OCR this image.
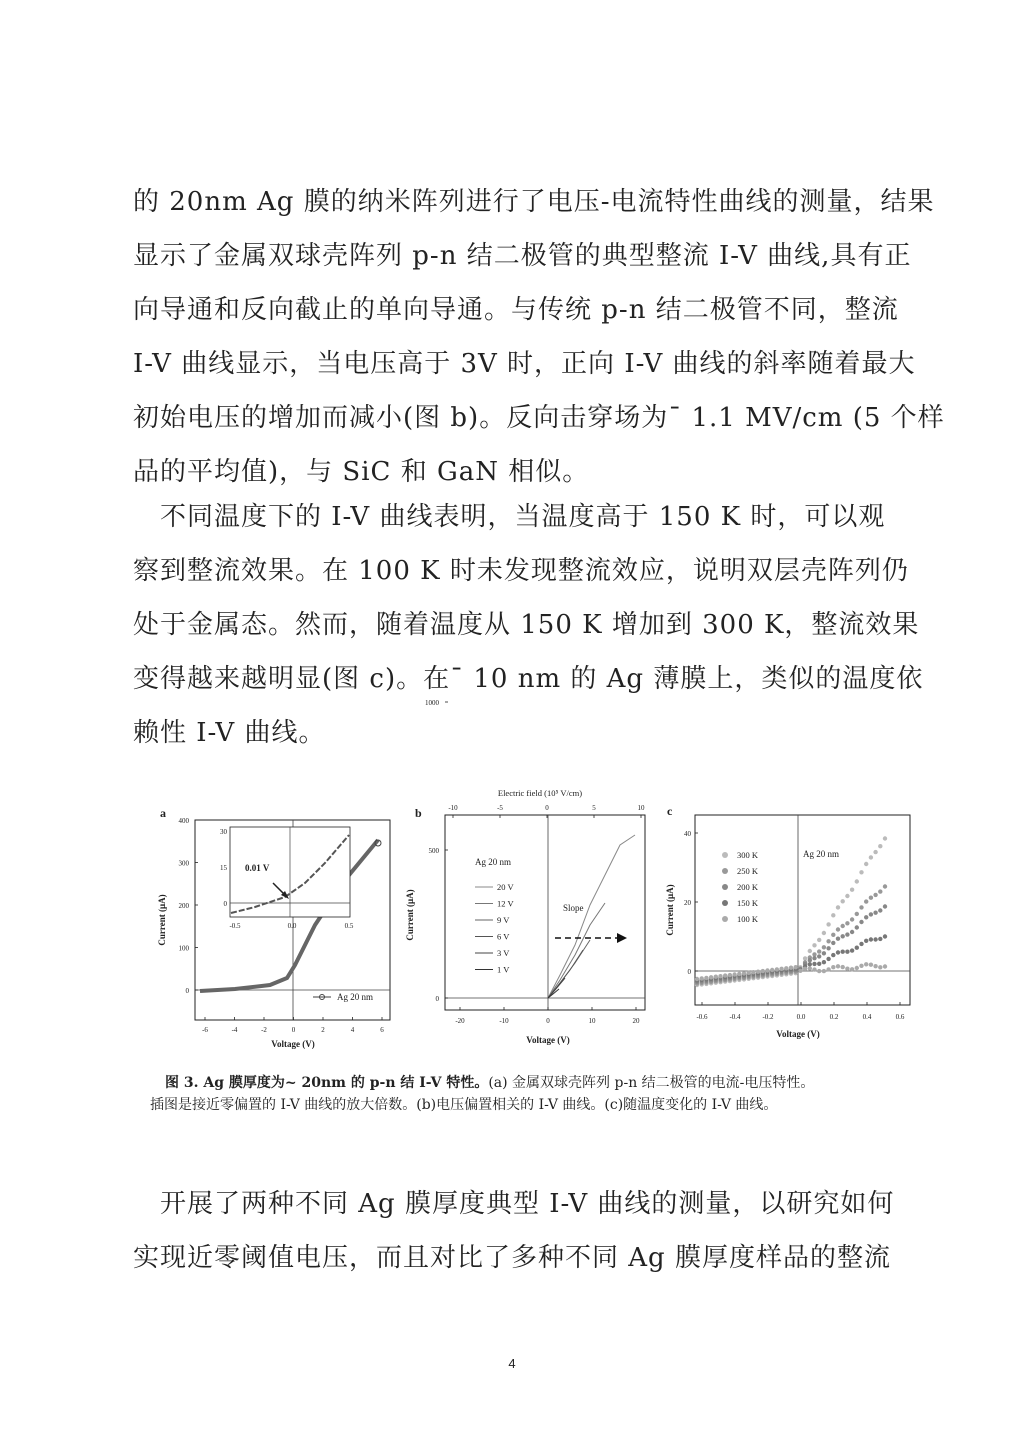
的 20nm Ag 膜的纳米阵列进行了电压-电流特性曲线的测量，结果
显示了金属双球壳阵列 p-n 结二极管的典型整流 I-V 曲线,具有正
向导通和反向截止的单向导通。与传统 p-n 结二极管不同，整流
I-V 曲线显示，当电压高于 3V 时，正向 I-V 曲线的斜率随着最大
初始电压的增加而减小(图 b)。反向击穿场为¯ 1.1 MV/cm (5 个样
品的平均值)，与 SiC 和 GaN 相似。
　不同温度下的 I-V 曲线表明，当温度高于 150 K 时，可以观
察到整流效果。在 100 K 时未发现整流效应，说明双层壳阵列仍
处于金属态。然而，随着温度从 150 K 增加到 300 K，整流效果
变得越来越明显(图 c)。在¯ 10 nm 的 Ag 薄膜上，类似的温度依
赖性 I-V 曲线。
a
0
100
200
300
400
-6	-4	-2	0	2	4	6
Current (μA)
Voltage (V)
Ag 20 nm
0.01 V
0
15
30
-0.5	0.0	0.5
b
Electric field (10⁵ V/cm)
-10	-5	0	5	10
0
500
1000
-20	-10	0	10	20
Current (μA)
Voltage (V)
Ag 20 nm
20 V
12 V
9 V
6 V
3 V
1 V
Slope
c
0
20
40
-0.6	-0.4	-0.2	0.0	0.2	0.4	0.6
Current (μA)
Voltage (V)
Ag 20 nm
300 K
250 K
200 K
150 K
100 K
图 3. Ag 膜厚度为~ 20nm 的 p-n 结 I-V 特性。(a) 金属双球壳阵列 p-n 结二极管的电流-电压特性。
插图是接近零偏置的 I-V 曲线的放大倍数。(b)电压偏置相关的 I-V 曲线。(c)随温度变化的 I-V 曲线。
　开展了两种不同 Ag 膜厚度典型 I-V 曲线的测量，以研究如何
实现近零阈值电压，而且对比了多种不同 Ag 膜厚度样品的整流
4
